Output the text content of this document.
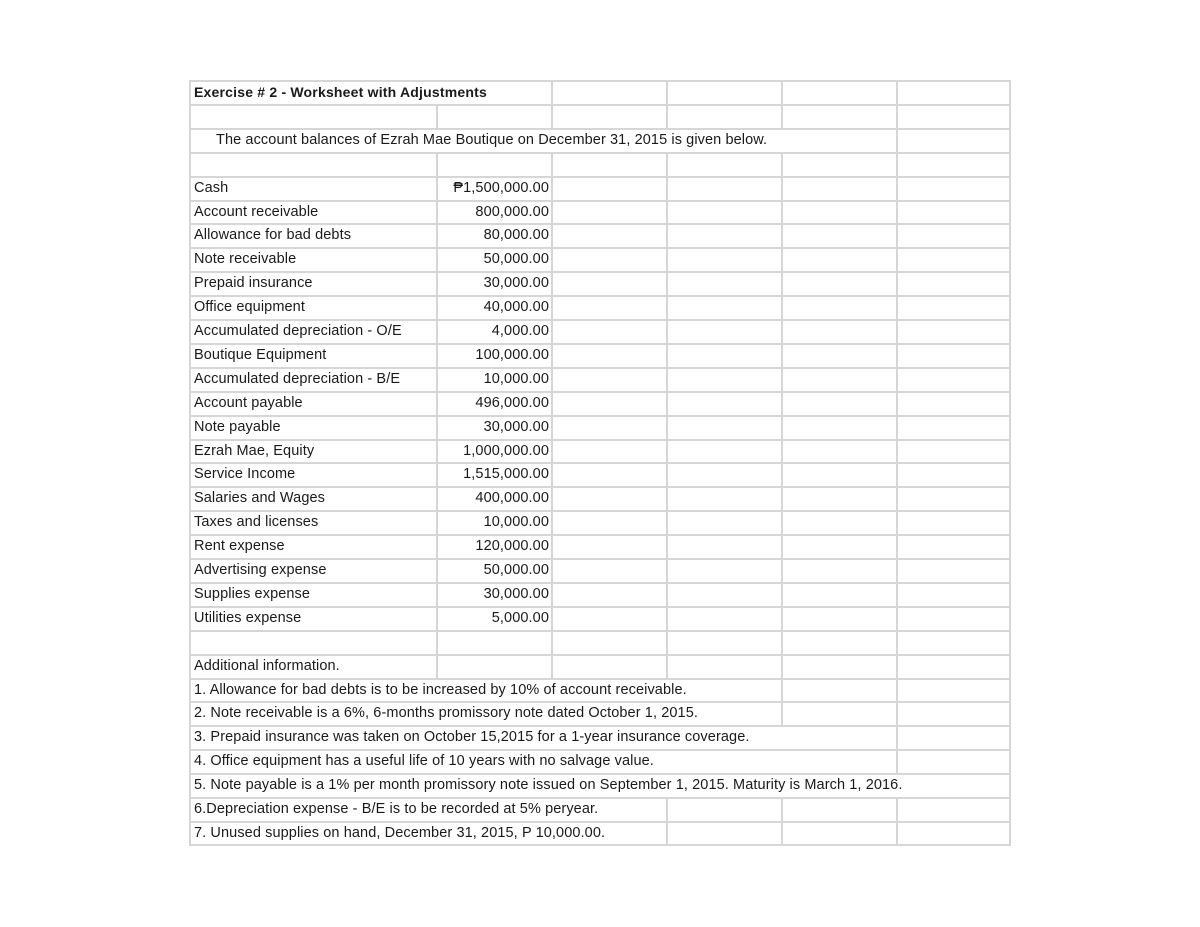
Exercise # 2 - Worksheet with Adjustments
The account balances of Ezrah Mae Boutique on December 31, 2015 is given below.
Cash	₱1,500,000.00
Account receivable	800,000.00
Allowance for bad debts	80,000.00
Note receivable	50,000.00
Prepaid insurance	30,000.00
Office equipment	40,000.00
Accumulated depreciation - O/E	4,000.00
Boutique Equipment	100,000.00
Accumulated depreciation - B/E	10,000.00
Account payable	496,000.00
Note payable	30,000.00
Ezrah Mae, Equity	1,000,000.00
Service Income	1,515,000.00
Salaries and Wages	400,000.00
Taxes and licenses	10,000.00
Rent expense	120,000.00
Advertising expense	50,000.00
Supplies expense	30,000.00
Utilities expense	5,000.00
Additional information.
1. Allowance for bad debts is to be increased by 10% of account receivable.
2. Note receivable is a 6%, 6-months promissory note dated October 1, 2015.
3. Prepaid insurance was taken on October 15,2015 for a 1-year insurance coverage.
4. Office equipment has a useful life of 10 years with no salvage value.
5. Note payable is a 1% per month promissory note issued on September 1, 2015. Maturity is March 1, 2016.
6.Depreciation expense - B/E is to be recorded at 5% peryear.
7. Unused supplies on hand, December 31, 2015, P 10,000.00.
